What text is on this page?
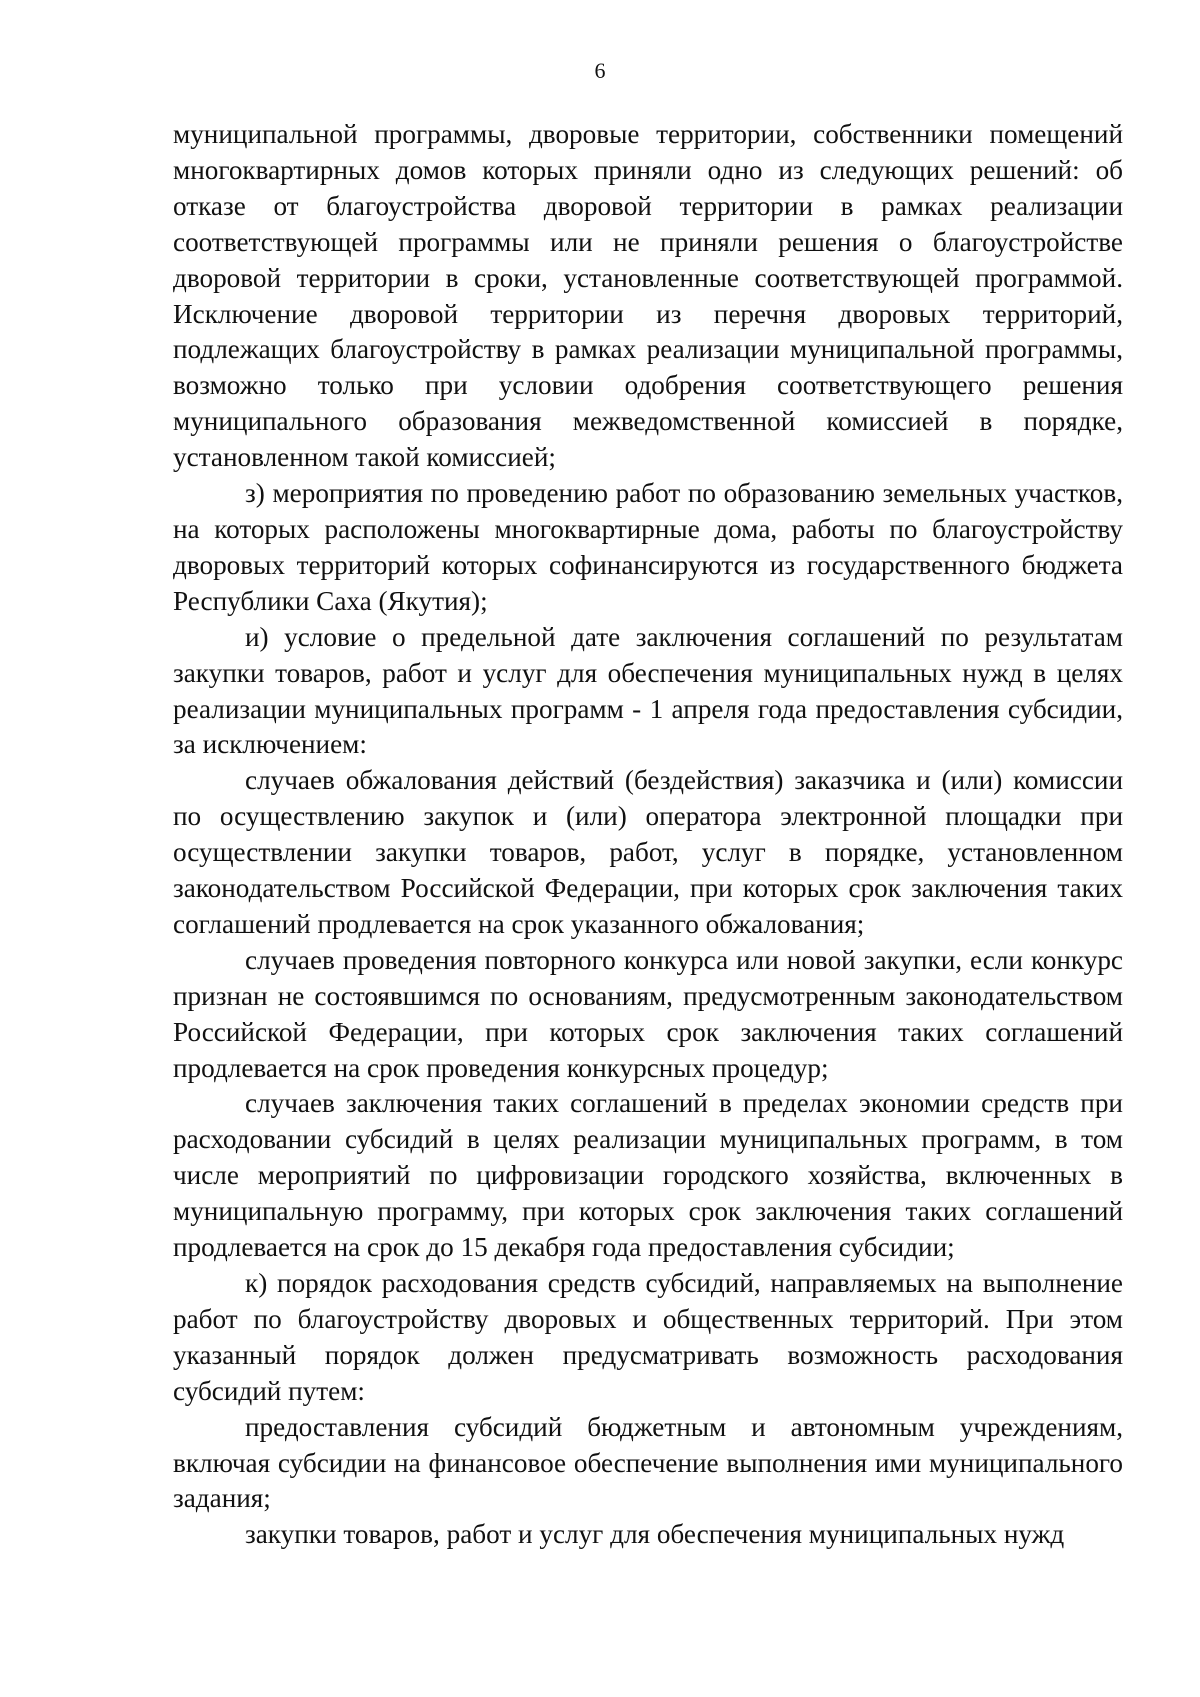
6

муниципальной программы, дворовые территории, собственники помещений многоквартирных домов которых приняли одно из следующих решений: об отказе от благоустройства дворовой территории в рамках реализации соответствующей программы или не приняли решения о благоустройстве дворовой территории в сроки, установленные соответствующей программой. Исключение дворовой территории из перечня дворовых территорий, подлежащих благоустройству в рамках реализации муниципальной программы, возможно только при условии одобрения соответствующего решения муниципального образования межведомственной комиссией в порядке, установленном такой комиссией;

з) мероприятия по проведению работ по образованию земельных участков, на которых расположены многоквартирные дома, работы по благоустройству дворовых территорий которых софинансируются из государственного бюджета Республики Саха (Якутия);

и) условие о предельной дате заключения соглашений по результатам закупки товаров, работ и услуг для обеспечения муниципальных нужд в целях реализации муниципальных программ - 1 апреля года предоставления субсидии, за исключением:

случаев обжалования действий (бездействия) заказчика и (или) комиссии по осуществлению закупок и (или) оператора электронной площадки при осуществлении закупки товаров, работ, услуг в порядке, установленном законодательством Российской Федерации, при которых срок заключения таких соглашений продлевается на срок указанного обжалования;

случаев проведения повторного конкурса или новой закупки, если конкурс признан не состоявшимся по основаниям, предусмотренным законодательством Российской Федерации, при которых срок заключения таких соглашений продлевается на срок проведения конкурсных процедур;

случаев заключения таких соглашений в пределах экономии средств при расходовании субсидий в целях реализации муниципальных программ, в том числе мероприятий по цифровизации городского хозяйства, включенных в муниципальную программу, при которых срок заключения таких соглашений продлевается на срок до 15 декабря года предоставления субсидии;

к) порядок расходования средств субсидий, направляемых на выполнение работ по благоустройству дворовых и общественных территорий. При этом указанный порядок должен предусматривать возможность расходования субсидий путем:

предоставления субсидий бюджетным и автономным учреждениям, включая субсидии на финансовое обеспечение выполнения ими муниципального задания;

закупки товаров, работ и услуг для обеспечения муниципальных нужд
